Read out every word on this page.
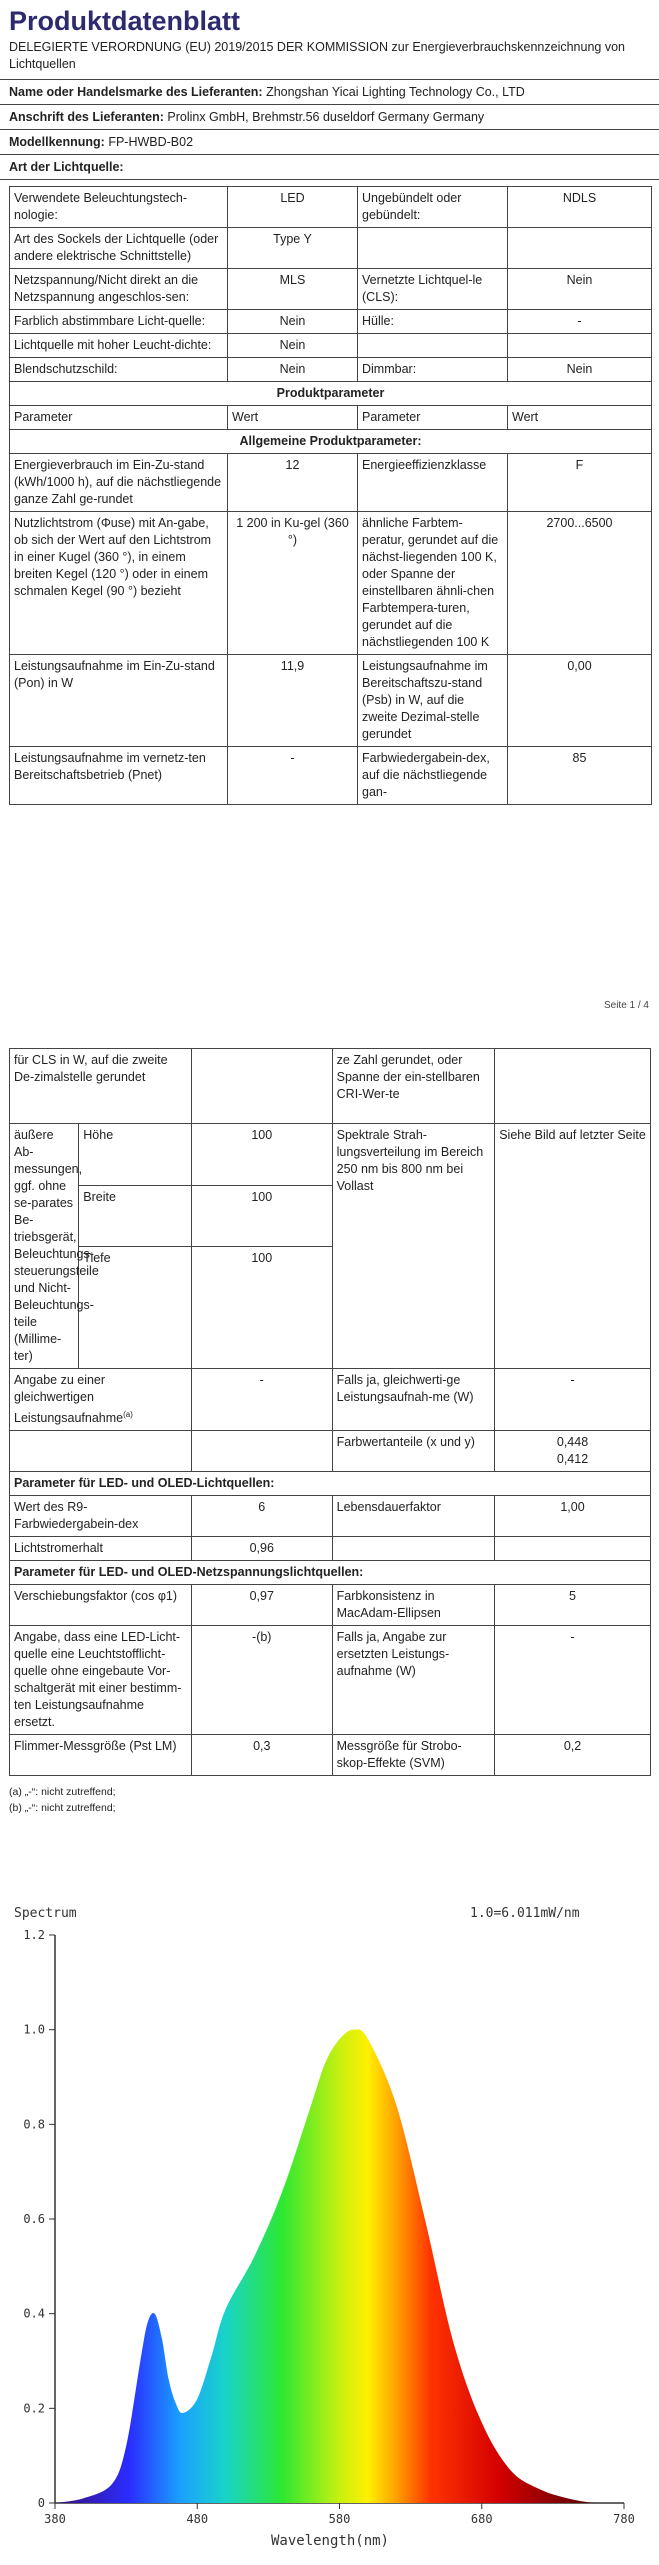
Produktdatenblatt
DELEGIERTE VERORDNUNG (EU) 2019/2015 DER KOMMISSION zur Energieverbrauchskennzeichnung von Lichtquellen
Name oder Handelsmarke des Lieferanten: Zhongshan Yicai Lighting Technology Co., LTD
Anschrift des Lieferanten: Prolinx GmbH, Brehmstr.56 duseldorf Germany Germany
Modellkennung: FP-HWBD-B02
Art der Lichtquelle:
Verwendete Beleuchtungstech-nologie:	LED	Ungebündelt oder gebündelt:	NDLS
Art des Sockels der Lichtquelle (oder andere elektrische Schnittstelle)	Type Y		
Netzspannung/Nicht direkt an die Netzspannung angeschlos-sen:	MLS	Vernetzte Lichtquel-le (CLS):	Nein
Farblich abstimmbare Licht-quelle:	Nein	Hülle:	-
Lichtquelle mit hoher Leucht-dichte:	Nein		
Blendschutzschild:	Nein	Dimmbar:	Nein
Produktparameter			
Parameter	Wert	Parameter	Wert
Allgemeine Produktparameter:			
Energieverbrauch im Ein-Zu-stand (kWh/1000 h), auf die nächstliegende ganze Zahl ge-rundet	12	Energieeffizienzklasse	F
Nutzlichtstrom (Φuse) mit An-gabe, ob sich der Wert auf den Lichtstrom in einer Kugel (360 °), in einem breiten Kegel (120 °) oder in einem schmalen Kegel (90 °) bezieht	1 200 in Ku-gel (360 °)	ähnliche Farbtem-peratur, gerundet auf die nächst-liegenden 100 K, oder Spanne der einstellbaren ähnli-chen Farbtempera-turen, gerundet auf die nächstliegenden 100 K	2700...6500
Leistungsaufnahme im Ein-Zu-stand (Pon) in W	11,9	Leistungsaufnahme im Bereitschaftszu-stand (Psb) in W, auf die zweite Dezimal-stelle gerundet	0,00
Leistungsaufnahme im vernetz-ten Bereitschaftsbetrieb (Pnet)	-	Farbwiedergabein-dex, auf die nächstliegende gan-	85
Seite 1 / 4
für CLS in W, auf die zweite De-zimalstelle gerundet			ze Zahl gerundet, oder Spanne der ein-stellbaren CRI-Wer-te	
äußere Ab-messungen, ggf. ohne se-parates Be-triebsgerät, Beleuchtungs-steuerungsteile und Nicht-Beleuchtungs-teile (Millime-ter)	Höhe	100	Spektrale Strah-lungsverteilung im Bereich 250 nm bis 800 nm bei Vollast	Siehe Bild auf letzter Seite
	Breite	100		
	Tiefe	100		
Angabe zu einer gleichwertigen Leistungsaufnahme$^{(a)}$		-	Falls ja, gleichwerti-ge Leistungsaufnah-me (W)	-
			Farbwertanteile (x und y)	0,448
0,412

Parameter für LED- und OLED-Lichtquellen:				
Wert des R9-Farbwiedergabein-dex		6	Lebensdauerfaktor	1,00
Lichtstromerhalt		0,96		
Parameter für LED- und OLED-Netzspannungslichtquellen:				
Verschiebungsfaktor (cos φ1)		0,97	Farbkonsistenz in MacAdam-Ellipsen	5
Angabe, dass eine LED-Licht-quelle eine Leuchtstofflicht-quelle ohne eingebaute Vor-schaltgerät mit einer bestimm-ten Leistungsaufnahme ersetzt.		-(b)	Falls ja, Angabe zur ersetzten Leistungs-aufnahme (W)	-
Flimmer-Messgröße (Pst LM)		0,3	Messgröße für Strobo-skop-Effekte (SVM)	0,2
(a) „-“: nicht zutreffend;
(b) „-“: nicht zutreffend;
Spectrum	1.0=6.011mW/nm
0
0.2
0.4
0.6
0.8
1.0
1.2
380	480	580	680	780
Wavelength(nm)
